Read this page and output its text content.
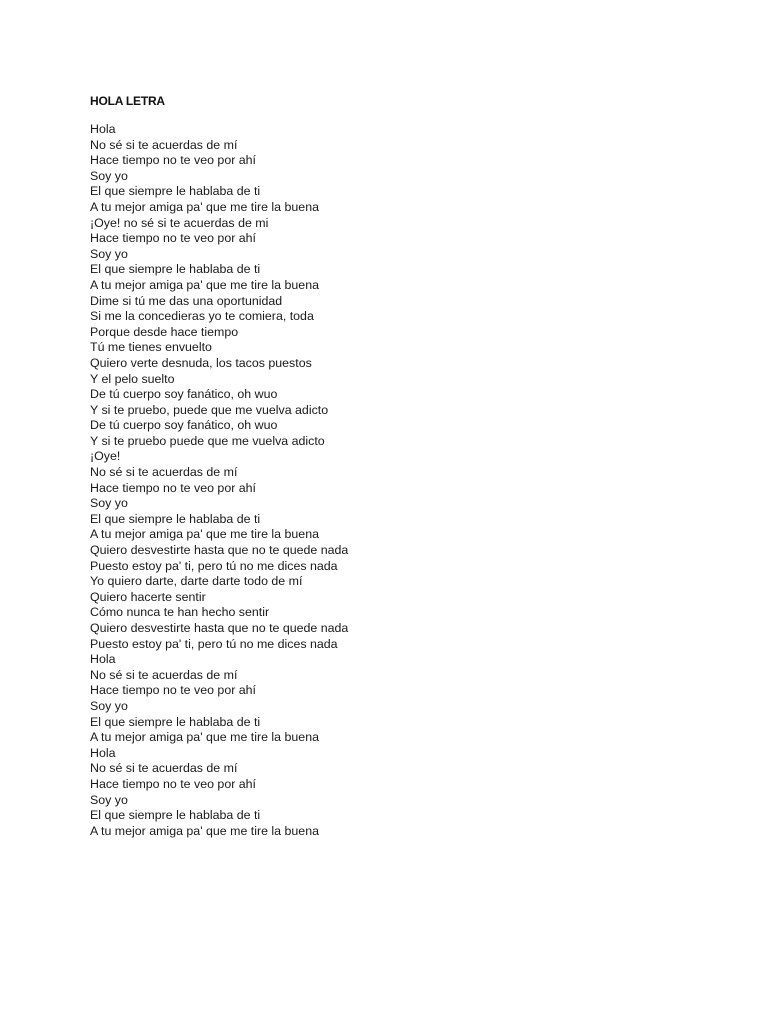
HOLA LETRA
Hola
No sé si te acuerdas de mí
Hace tiempo no te veo por ahí
Soy yo
El que siempre le hablaba de ti
A tu mejor amiga pa' que me tire la buena
¡Oye! no sé si te acuerdas de mi
Hace tiempo no te veo por ahí
Soy yo
El que siempre le hablaba de ti
A tu mejor amiga pa' que me tire la buena
Dime si tú me das una oportunidad
Si me la concedieras yo te comiera, toda
Porque desde hace tiempo
Tú me tienes envuelto
Quiero verte desnuda, los tacos puestos
Y el pelo suelto
De tú cuerpo soy fanático, oh wuo
Y si te pruebo, puede que me vuelva adicto
De tú cuerpo soy fanático, oh wuo
Y si te pruebo puede que me vuelva adicto
¡Oye!
No sé si te acuerdas de mí
Hace tiempo no te veo por ahí
Soy yo
El que siempre le hablaba de ti
A tu mejor amiga pa' que me tire la buena
Quiero desvestirte hasta que no te quede nada
Puesto estoy pa' ti, pero tú no me dices nada
Yo quiero darte, darte darte todo de mí
Quiero hacerte sentir
Cómo nunca te han hecho sentir
Quiero desvestirte hasta que no te quede nada
Puesto estoy pa' ti, pero tú no me dices nada
Hola
No sé si te acuerdas de mí
Hace tiempo no te veo por ahí
Soy yo
El que siempre le hablaba de ti
A tu mejor amiga pa' que me tire la buena
Hola
No sé si te acuerdas de mí
Hace tiempo no te veo por ahí
Soy yo
El que siempre le hablaba de ti
A tu mejor amiga pa' que me tire la buena
